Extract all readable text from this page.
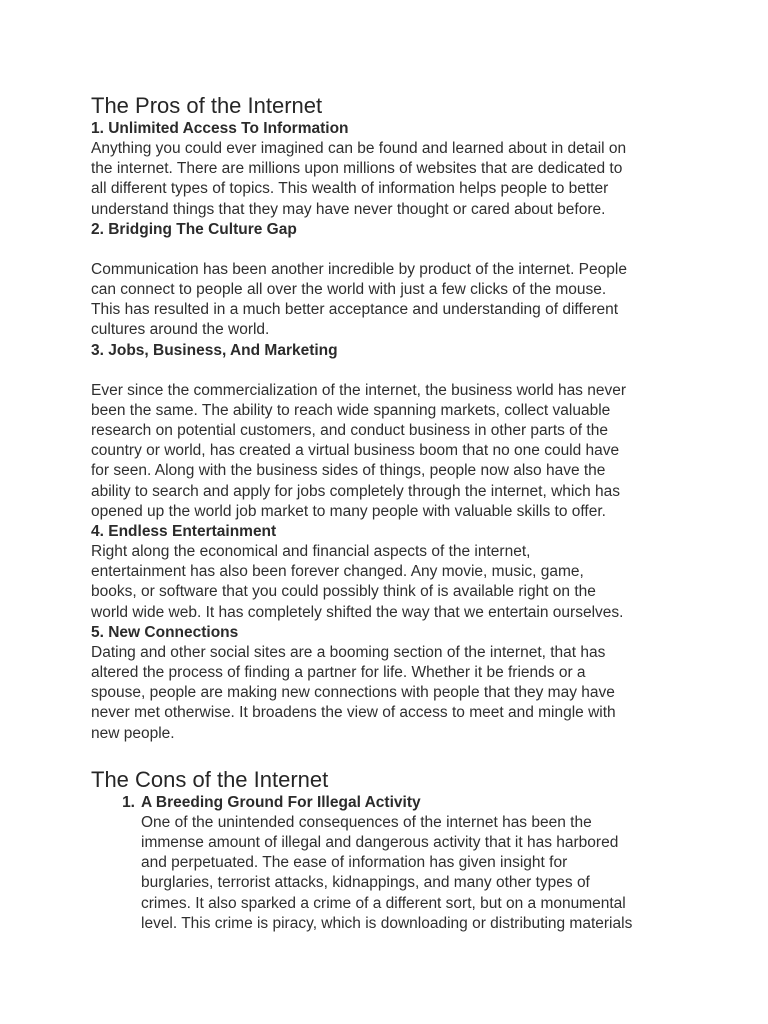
The Pros of the Internet
1. Unlimited Access To Information

Anything you could ever imagined can be found and learned about in detail on

the internet. There are millions upon millions of websites that are dedicated to

all different types of topics. This wealth of information helps people to better

understand things that they may have never thought or cared about before.

2. Bridging The Culture Gap

Communication has been another incredible by product of the internet. People

can connect to people all over the world with just a few clicks of the mouse.

This has resulted in a much better acceptance and understanding of different

cultures around the world.

3. Jobs, Business, And Marketing

Ever since the commercialization of the internet, the business world has never

been the same. The ability to reach wide spanning markets, collect valuable

research on potential customers, and conduct business in other parts of the

country or world, has created a virtual business boom that no one could have

for seen. Along with the business sides of things, people now also have the

ability to search and apply for jobs completely through the internet, which has

opened up the world job market to many people with valuable skills to offer.

4. Endless Entertainment

Right along the economical and financial aspects of the internet,

entertainment has also been forever changed. Any movie, music, game,

books, or software that you could possibly think of is available right on the

world wide web. It has completely shifted the way that we entertain ourselves.

5. New Connections

Dating and other social sites are a booming section of the internet, that has

altered the process of finding a partner for life. Whether it be friends or a

spouse, people are making new connections with people that they may have

never met otherwise. It broadens the view of access to meet and mingle with

new people.

The Cons of the Internet
1. A Breeding Ground For Illegal Activity

One of the unintended consequences of the internet has been the

immense amount of illegal and dangerous activity that it has harbored

and perpetuated. The ease of information has given insight for

burglaries, terrorist attacks, kidnappings, and many other types of

crimes. It also sparked a crime of a different sort, but on a monumental

level. This crime is piracy, which is downloading or distributing materials
